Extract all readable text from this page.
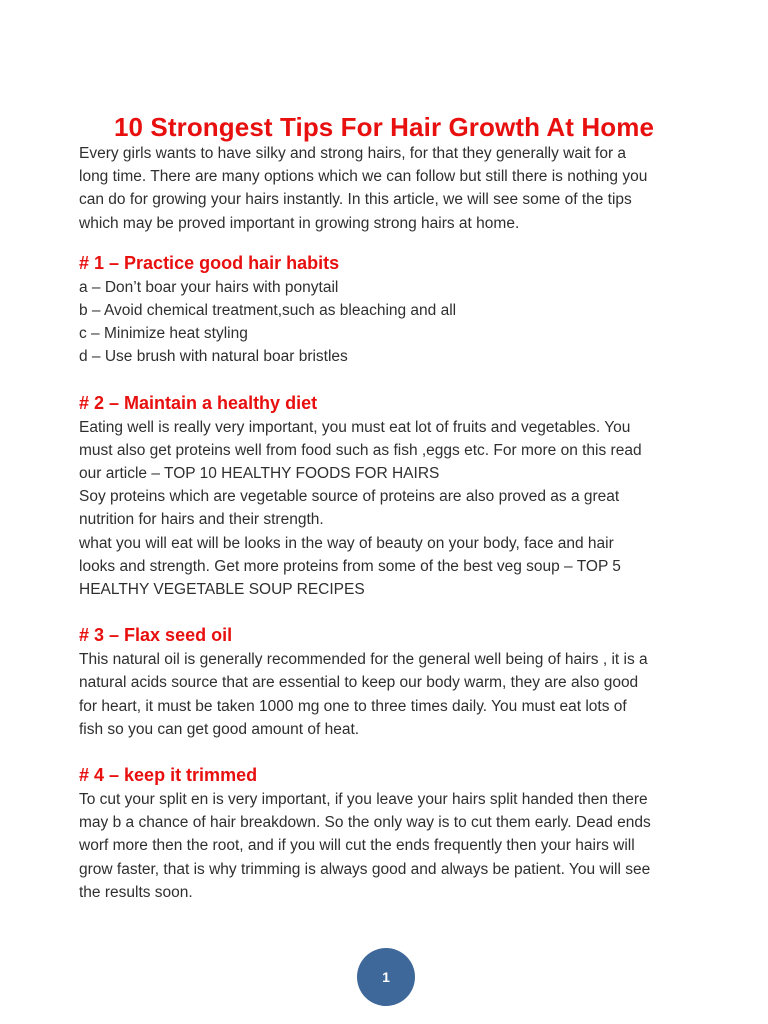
10 Strongest Tips For Hair Growth At Home

Every girls wants to have silky and strong hairs, for that they generally wait for a
long time. There are many options which we can follow but still there is nothing you
can do for growing your hairs instantly. In this article, we will see some of the tips
which may be proved important in growing strong hairs at home.

# 1 – Practice good hair habits

a – Don’t boar your hairs with ponytail
b – Avoid chemical treatment,such as bleaching and all
c – Minimize heat styling
d – Use brush with natural boar bristles

# 2 – Maintain a healthy diet

Eating well is really very important, you must eat lot of fruits and vegetables. You
must also get proteins well from food such as fish ,eggs etc. For more on this read
our article – TOP 10 HEALTHY FOODS FOR HAIRS
Soy proteins which are vegetable source of proteins are also proved as a great
nutrition for hairs and their strength.
what you will eat will be looks in the way of beauty on your body, face and hair
looks and strength. Get more proteins from some of the best veg soup – TOP 5
HEALTHY VEGETABLE SOUP RECIPES

# 3 – Flax seed oil

This natural oil is generally recommended for the general well being of hairs , it is a
natural acids source that are essential to keep our body warm, they are also good
for heart, it must be taken 1000 mg one to three times daily. You must eat lots of
fish so you can get good amount of heat.

# 4 – keep it trimmed

To cut your split en is very important, if you leave your hairs split handed then there
may b a chance of hair breakdown. So the only way is to cut them early. Dead ends
worf more then the root, and if you will cut the ends frequently then your hairs will
grow faster, that is why trimming is always good and always be patient. You will see
the results soon.

1
